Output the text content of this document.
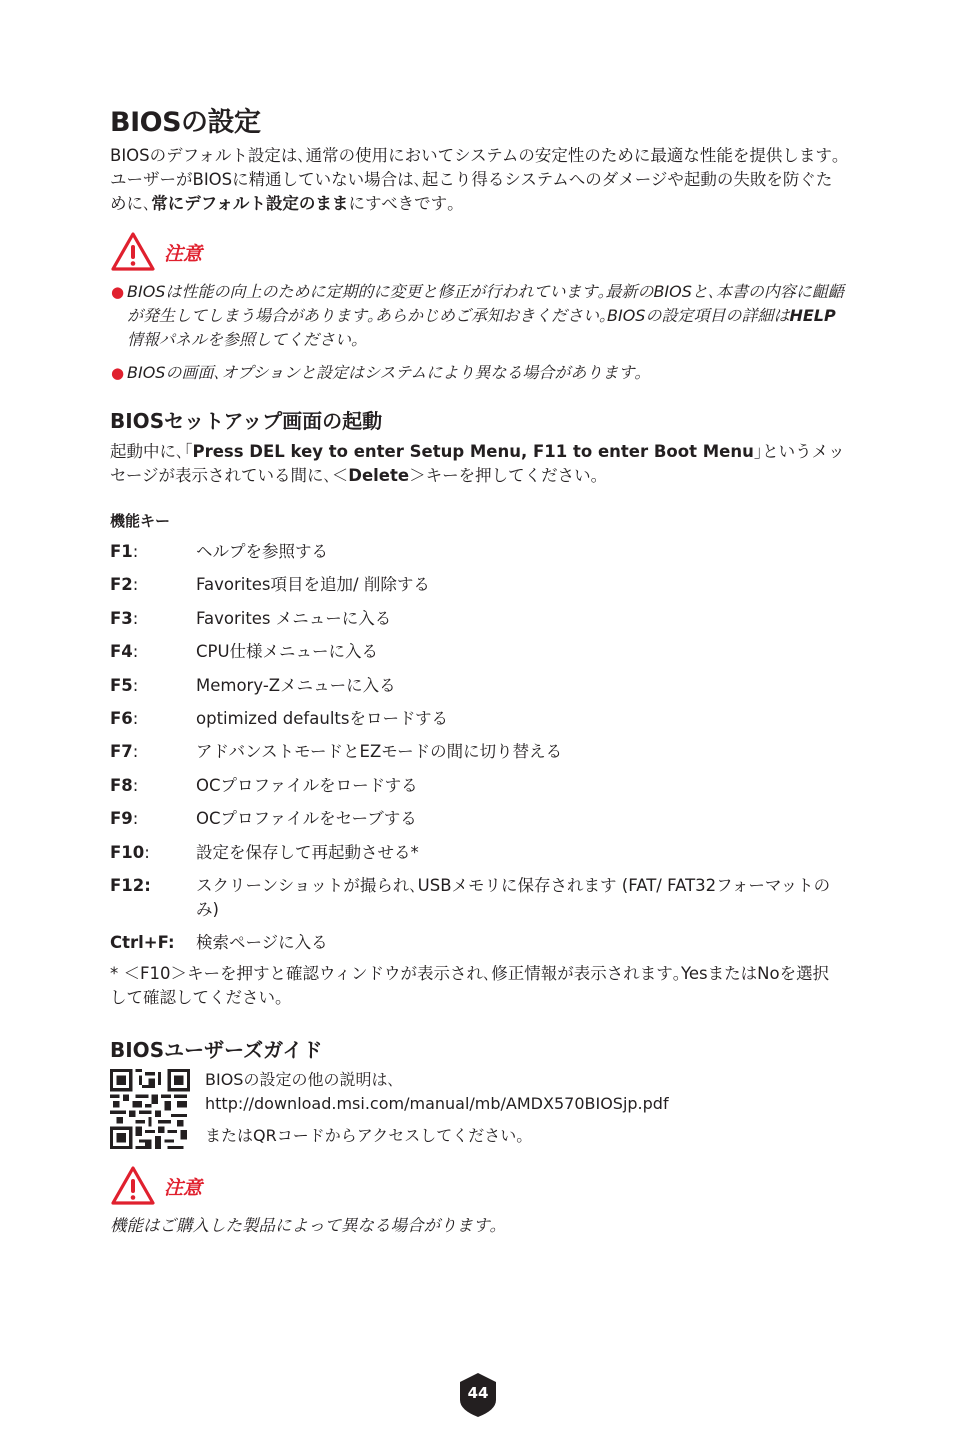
BIOSの設定
BIOSのデフォルト設定は､通常の使用においてシステムの安定性のために最適な性能を提供します｡ユーザーがBIOSに精通していない場合は､起こり得るシステムへのダメージや起動の失敗を防ぐために､常にデフォルト設定のままにすべきです｡
注意
● BIOSは性能の向上のために定期的に変更と修正が行われています｡最新のBIOSと､本書の内容に齟齬が発生してしまう場合があります｡あらかじめご承知おきください｡BIOSの設定項目の詳細はHELP情報パネルを参照してください｡
● BIOSの画面､オプションと設定はシステムにより異なる場合があります｡
BIOSセットアップ画面の起動
起動中に､｢Press DEL key to enter Setup Menu, F11 to enter Boot Menu｣というメッセージが表示されている間に､＜Delete＞キーを押してください｡
機能キー
F1:	ヘルプを参照する
F2:	Favorites項目を追加/ 削除する
F3:	Favorites メニューに入る
F4:	CPU仕様メニューに入る
F5:	Memory-Zメニューに入る
F6:	optimized defaultsをロードする
F7:	アドバンストモードとEZモードの間に切り替える
F8:	OCプロファイルをロードする
F9:	OCプロファイルをセーブする
F10:	設定を保存して再起動させる*
F12:	スクリーンショットが撮られ､USBメモリに保存されます (FAT/ FAT32フォーマットのみ)
Ctrl+F:	検索ページに入る
* ＜F10＞キーを押すと確認ウィンドウが表示され､修正情報が表示されます｡YesまたはNoを選択して確認してください｡
BIOSユーザーズガイド
BIOSの設定の他の説明は､
http://download.msi.com/manual/mb/AMDX570BIOSjp.pdf
またはQRコードからアクセスしてください｡
注意
機能はご購入した製品によって異なる場合がります｡
44
